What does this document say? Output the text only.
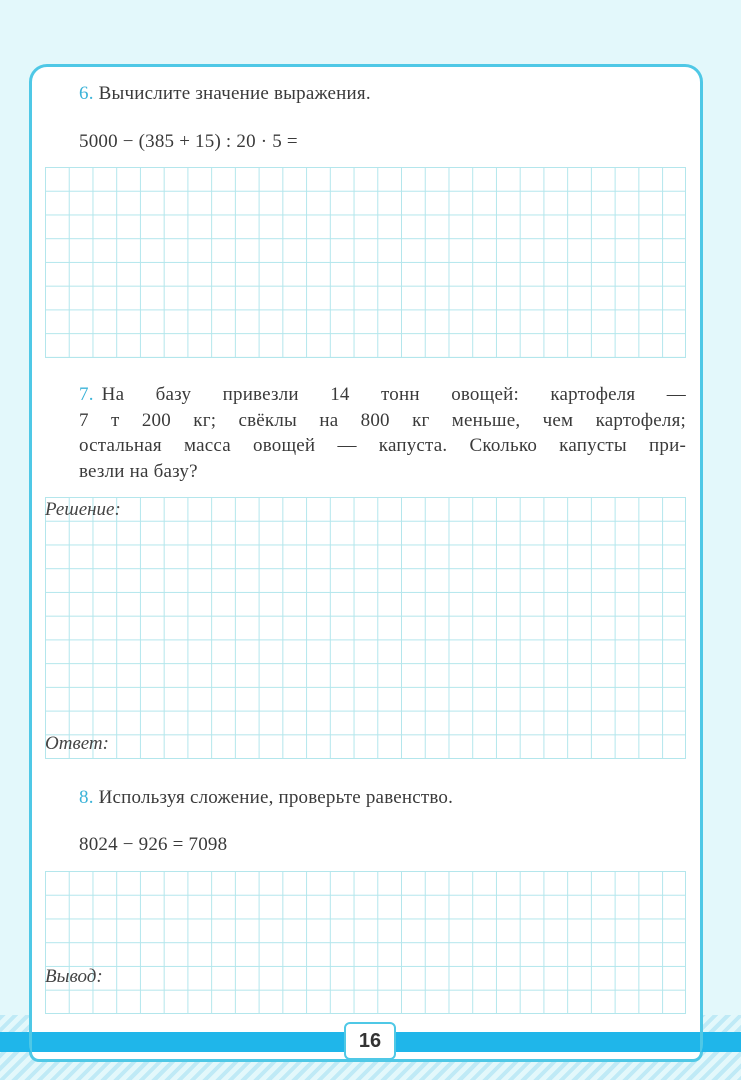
6. Вычислите значение выражения.
5000 − (385 + 15) : 20 · 5 =
7. На базу привезли 14 тонн овощей: картофеля —
7 т 200 кг; свёклы на 800 кг меньше, чем картофеля;
остальная масса овощей — капуста. Сколько капусты при-
везли на базу?
Решение:
Ответ:
8. Используя сложение, проверьте равенство.
8024 − 926 = 7098
Вывод:
16
